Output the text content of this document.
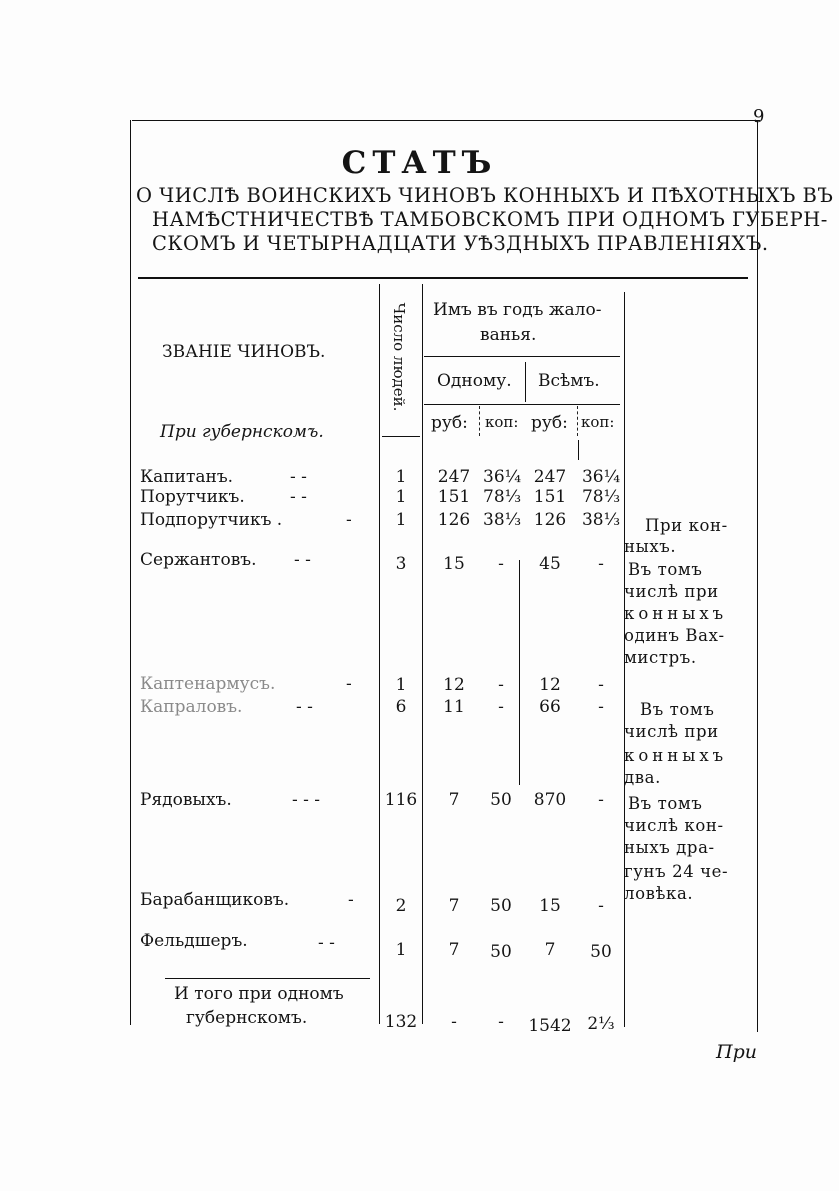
9
СТАТЪ
О ЧИСЛѢ ВОИНСКИХЪ ЧИНОВЪ КОННЫХЪ И ПѢХОТНЫХЪ ВЪ
НАМѢСТНИЧЕСТВѢ ТАМБОВСКОМЪ ПРИ ОДНОМЪ ГУБЕРН-
СКОМЪ И ЧЕТЫРНАДЦАТИ УѢЗДНЫХЪ ПРАВЛЕНІЯХЪ.
ЗВАНІЕ ЧИНОВЪ.	Число людей. Имъ въ годъ жало-
ванья.
Одному. Всѣмъ.
руб: коп: руб: коп:
При губернскомъ.
Капитанъ.	- -	1	247 36¼ 247 36¼
Порутчикъ.	- -	1	151 78⅓ 151 78⅓
Подпорутчикъ .	-	1	126 38⅓ 126 38⅓
Сержантовъ. - -	3	15	-	45	-
Каптенармусъ.	-	1	12	-	12	-
Капраловъ.	- -	6	11	-	66	-
Рядовыхъ.	- - -	116	7	50	870	-
Барабанщиковъ.	-	2	7	50	15	-
Фельдшеръ.	- -	1	7	50	7	50
И того при одномъ
губернскомъ.	132	-	-	1542 2⅓
При кон-
ныхъ.
Въ томъ
числѣ при
конныхъ
одинъ Вах-
мистръ.
Въ томъ
числѣ при
конныхъ
два.
Въ томъ
числѣ кон-
ныхъ дра-
гунъ 24 че-
ловѣка.
При
